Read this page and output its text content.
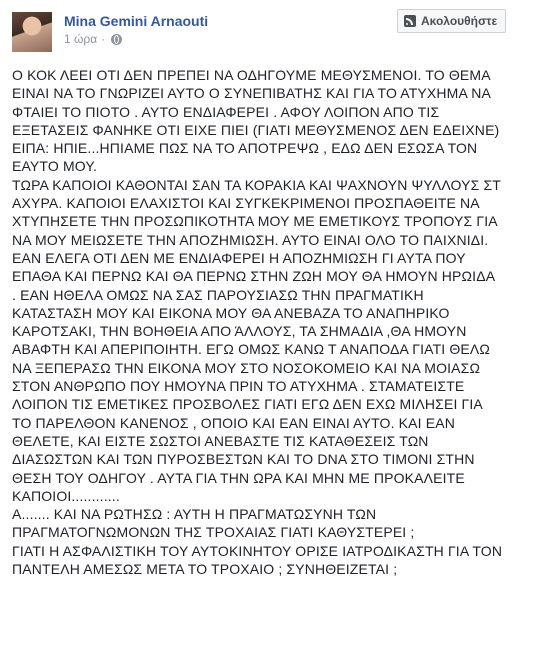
Mina Gemini Arnaouti
1 ώρα ·
Ακολουθήστε

Ο ΚΟΚ ΛΕΕΙ ΟΤΙ ΔΕΝ ΠΡΕΠΕΙ ΝΑ ΟΔΗΓΟΥΜΕ ΜΕΘΥΣΜΕΝΟΙ. ΤΟ ΘΕΜΑ

ΕΙΝΑΙ ΝΑ ΤΟ ΓΝΩΡΙΖΕΙ ΑΥΤΟ Ο ΣΥΝΕΠΙΒΑΤΗΣ ΚΑΙ ΓΙΑ ΤΟ ΑΤΥΧΗΜΑ ΝΑ

ΦΤΑΙΕΙ ΤΟ ΠΙΟΤΟ . ΑΥΤΟ ΕΝΔΙΑΦΕΡΕΙ . ΑΦΟΥ ΛΟΙΠΟΝ ΑΠΟ ΤΙΣ

ΕΞΕΤΑΣΕΙΣ ΦΑΝΗΚΕ ΟΤΙ ΕΙΧΕ ΠΙΕΙ (ΓΙΑΤΙ ΜΕΘΥΣΜΕΝΟΣ ΔΕΝ ΕΔΕΙΧΝΕ)

ΕΙΠΑ: ΗΠΙΕ...ΗΠΙΑΜΕ ΠΩΣ ΝΑ ΤΟ ΑΠΟΤΡΕΨΩ , ΕΔΩ ΔΕΝ ΕΣΩΣΑ ΤΟΝ

ΕΑΥΤΟ ΜΟΥ.

ΤΩΡΑ ΚΑΠΟΙΟΙ ΚΑΘΟΝΤΑΙ ΣΑΝ ΤΑ ΚΟΡΑΚΙΑ ΚΑΙ ΨΑΧΝΟΥΝ ΨΥΛΛΟΥΣ ΣΤ

ΑΧΥΡΑ. ΚΑΠΟΙΟΙ ΕΛΑΧΙΣΤΟΙ ΚΑΙ ΣΥΓΚΕΚΡΙΜΕΝΟΙ ΠΡΟΣΠΑΘΕΙΤΕ ΝΑ

ΧΤΥΠΗΣΕΤΕ ΤΗΝ ΠΡΟΣΩΠΙΚΟΤΗΤΑ ΜΟΥ ΜΕ ΕΜΕΤΙΚΟΥΣ ΤΡΟΠΟΥΣ ΓΙΑ

ΝΑ ΜΟΥ ΜΕΙΩΣΕΤΕ ΤΗΝ ΑΠΟΖΗΜΙΩΣΗ. ΑΥΤΟ ΕΙΝΑΙ ΟΛΟ ΤΟ ΠΑΙΧΝΙΔΙ.

ΕΑΝ ΕΛΕΓΑ ΟΤΙ ΔΕΝ ΜΕ ΕΝΔΙΑΦΕΡΕΙ Η ΑΠΟΖΗΜΙΩΣΗ ΓΙ ΑΥΤΑ ΠΟΥ

ΕΠΑΘΑ ΚΑΙ ΠΕΡΝΩ ΚΑΙ ΘΑ ΠΕΡΝΩ ΣΤΗΝ ΖΩΗ ΜΟΥ ΘΑ ΗΜΟΥΝ ΗΡΩΙΔΑ

. ΕΑΝ ΗΘΕΛΑ ΟΜΩΣ ΝΑ ΣΑΣ ΠΑΡΟΥΣΙΑΣΩ ΤΗΝ ΠΡΑΓΜΑΤΙΚΗ

ΚΑΤΑΣΤΑΣΗ ΜΟΥ ΚΑΙ ΕΙΚΟΝΑ ΜΟΥ ΘΑ ΑΝΕΒΑΖΑ ΤΟ ΑΝΑΠΗΡΙΚΟ

ΚΑΡΟΤΣΑΚΙ, ΤΗΝ ΒΟΗΘΕΙΑ ΑΠΟ ΆΛΛΟΥΣ, ΤΑ ΣΗΜΑΔΙΑ ,ΘΑ ΗΜΟΥΝ

ΑΒΑΦΤΗ ΚΑΙ ΑΠΕΡΙΠΟΙΗΤΗ. ΕΓΩ ΟΜΩΣ ΚΑΝΩ Τ ΑΝΑΠΟΔΑ ΓΙΑΤΙ ΘΕΛΩ

ΝΑ ΞΕΠΕΡΑΣΩ ΤΗΝ ΕΙΚΟΝΑ ΜΟΥ ΣΤΟ ΝΟΣΟΚΟΜΕΙΟ ΚΑΙ ΝΑ ΜΟΙΑΣΩ

ΣΤΟΝ ΑΝΘΡΩΠΟ ΠΟΥ ΗΜΟΥΝΑ ΠΡΙΝ ΤΟ ΑΤΥΧΗΜΑ . ΣΤΑΜΑΤΕΙΣΤΕ

ΛΟΙΠΟΝ ΤΙΣ ΕΜΕΤΙΚΕΣ ΠΡΟΣΒΟΛΕΣ ΓΙΑΤΙ ΕΓΩ ΔΕΝ ΕΧΩ ΜΙΛΗΣΕΙ ΓΙΑ

ΤΟ ΠΑΡΕΛΘΟΝ ΚΑΝΕΝΟΣ , ΟΠΟΙΟ ΚΑΙ ΕΑΝ ΕΙΝΑΙ ΑΥΤΟ. ΚΑΙ ΕΑΝ

ΘΕΛΕΤΕ, ΚΑΙ ΕΙΣΤΕ ΣΩΣΤΟΙ ΑΝΕΒΑΣΤΕ ΤΙΣ ΚΑΤΑΘΕΣΕΙΣ ΤΩΝ

ΔΙΑΣΩΣΤΩΝ ΚΑΙ ΤΩΝ ΠΥΡΟΣΒΕΣΤΩΝ ΚΑΙ ΤΟ DNA ΣΤΟ ΤΙΜΟΝΙ ΣΤΗΝ

ΘΕΣΗ ΤΟΥ ΟΔΗΓΟΥ . ΑΥΤΑ ΓΙΑ ΤΗΝ ΩΡΑ ΚΑΙ ΜΗΝ ΜΕ ΠΡΟΚΑΛΕΙΤΕ

ΚΑΠΟΙΟΙ............

Α....... ΚΑΙ ΝΑ ΡΩΤΗΣΩ : ΑΥΤΗ Η ΠΡΑΓΜΑΤΩΣΥΝΗ ΤΩΝ

ΠΡΑΓΜΑΤΟΓΝΩΜΟΝΩΝ ΤΗΣ ΤΡΟΧΑΙΑΣ ΓΙΑΤΙ ΚΑΘΥΣΤΕΡΕΙ ;

ΓΙΑΤΙ Η ΑΣΦΑΛΙΣΤΙΚΗ ΤΟΥ ΑΥΤΟΚΙΝΗΤΟΥ ΟΡΙΣΕ ΙΑΤΡΟΔΙΚΑΣΤΗ ΓΙΑ ΤΟΝ

ΠΑΝΤΕΛΗ ΑΜΕΣΩΣ ΜΕΤΑ ΤΟ ΤΡΟΧΑΙΟ ; ΣΥΝΗΘΕΙΖΕΤΑΙ ;
